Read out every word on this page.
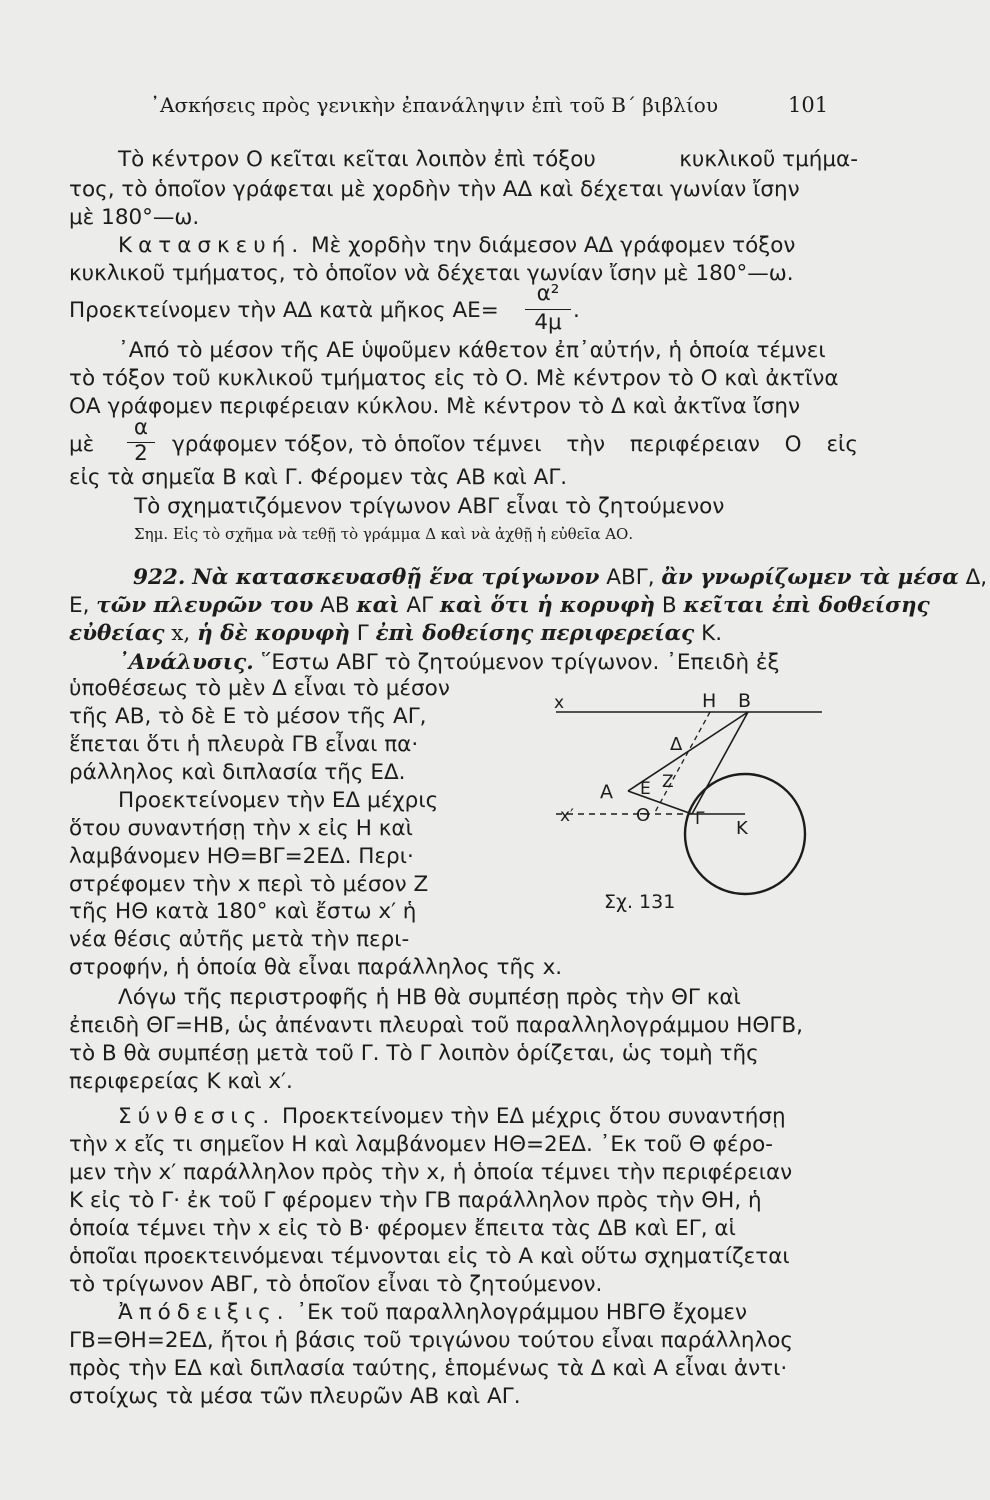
᾿Ασκήσεις πρὸς γενικὴν ἐπανάληψιν ἐπὶ τοῦ Β΄ βιβλίου	101
Τὸ κέντρον Ο κεῖται κεῖται λοιπὸν ἐπὶ τόξου	κυκλικοῦ τμήμα-
τος, τὸ ὁποῖον γράφεται μὲ χορδὴν τὴν ΑΔ καὶ δέχεται γωνίαν ἴσην
μὲ 180°—ω.
Κατασκευή. Μὲ χορδὴν την διάμεσον ΑΔ γράφομεν τόξον
κυκλικοῦ τμήματος, τὸ ὁποῖον νὰ δέχεται γωνίαν ἴσην μὲ 180°—ω.
Προεκτείνομεν τὴν ΑΔ κατὰ μῆκος ΑΕ=
α²
4μ .
᾿Από τὸ μέσον τῆς ΑΕ ὑψοῦμεν κάθετον ἐπ᾿αὐτήν, ἡ ὁποία τέμνει
τὸ τόξον τοῦ κυκλικοῦ τμήματος εἰς τὸ Ο. Μὲ κέντρον τὸ Ο καὶ ἀκτῖνα
ΟΑ γράφομεν περιφέρειαν κύκλου. Μὲ κέντρον τὸ Δ καὶ ἀκτῖνα ἴσην
μὲ
α
2 γράφομεν τόξον, τὸ ὁποῖον τέμνει τὴν περιφέρειαν Ο εἰς
εἰς τὰ σημεῖα Β καὶ Γ. Φέρομεν τὰς ΑΒ καὶ ΑΓ.
Τὸ σχηματιζόμενον τρίγωνον ΑΒΓ εἶναι τὸ ζητούμενον
Σημ. Εἰς τὸ σχῆμα νὰ τεθῇ τὸ γράμμα Δ καὶ νὰ ἀχθῇ ἡ εὐθεῖα ΑΟ.
922. Νὰ κατασκευασθῇ ἕνα τρίγωνον ΑΒΓ, ἂν γνωρίζωμεν τὰ μέσα Δ,
Ε, τῶν πλευρῶν του ΑΒ καὶ ΑΓ καὶ ὅτι ἡ κορυφὴ Β κεῖται ἐπὶ δοθείσης
εὐθείας x, ἡ δὲ κορυφὴ Γ ἐπὶ δοθείσης περιφερείας Κ.
᾿Ανάλυσις. ῞Εστω ΑΒΓ τὸ ζητούμενον τρίγωνον. ᾿Επειδὴ ἐξ
ὑποθέσεως τὸ μὲν Δ εἶναι τὸ μέσον
τῆς ΑΒ, τὸ δὲ Ε τὸ μέσον τῆς ΑΓ,
ἕπεται ὅτι ἡ πλευρὰ ΓΒ εἶναι πα·
ράλληλος καὶ διπλασία τῆς ΕΔ.
Προεκτείνομεν τὴν ΕΔ μέχρις
ὅτου συναντήσῃ τὴν x εἰς Η καὶ
λαμβάνομεν ΗΘ=ΒΓ=2ΕΔ. Περι·
στρέφομεν τὴν x περὶ τὸ μέσον Ζ
τῆς ΗΘ κατὰ 180° καὶ ἔστω x′ ἡ
νέα θέσις αὐτῆς μετὰ τὴν περι-
στροφήν, ἡ ὁποία θὰ εἶναι παράλληλος τῆς x.
x	Η Β
Δ
Α Ε Ζ
x′	Θ	Γ Κ
Σχ. 131
Λόγω τῆς περιστροφῆς ἡ ΗΒ θὰ συμπέσῃ πρὸς τὴν ΘΓ καὶ
ἐπειδὴ ΘΓ=ΗΒ, ὡς ἀπέναντι πλευραὶ τοῦ παραλληλογράμμου ΗΘΓΒ,
τὸ Β θὰ συμπέσῃ μετὰ τοῦ Γ. Τὸ Γ λοιπὸν ὁρίζεται, ὡς τομὴ τῆς
περιφερείας Κ καὶ x′.
Σύνθεσις. Προεκτείνομεν τὴν ΕΔ μέχρις ὅτου συναντήσῃ
τὴν x εἴς τι σημεῖον Η καὶ λαμβάνομεν ΗΘ=2ΕΔ. ᾿Εκ τοῦ Θ φέρο-
μεν τὴν x′ παράλληλον πρὸς τὴν x, ἡ ὁποία τέμνει τὴν περιφέρειαν
Κ εἰς τὸ Γ· ἐκ τοῦ Γ φέρομεν τὴν ΓΒ παράλληλον πρὸς τὴν ΘΗ, ἡ
ὁποία τέμνει τὴν x εἰς τὸ Β· φέρομεν ἔπειτα τὰς ΔΒ καὶ ΕΓ, αἱ
ὁποῖαι προεκτεινόμεναι τέμνονται εἰς τὸ Α καὶ οὕτω σχηματίζεται
τὸ τρίγωνον ΑΒΓ, τὸ ὁποῖον εἶναι τὸ ζητούμενον.
Ἀπόδειξις. ᾿Εκ τοῦ παραλληλογράμμου ΗΒΓΘ ἔχομεν
ΓΒ=ΘΗ=2ΕΔ, ἤτοι ἡ βάσις τοῦ τριγώνου τούτου εἶναι παράλληλος
πρὸς τὴν ΕΔ καὶ διπλασία ταύτης, ἑπομένως τὰ Δ καὶ Α εἶναι ἀντι·
στοίχως τὰ μέσα τῶν πλευρῶν ΑΒ καὶ ΑΓ.
